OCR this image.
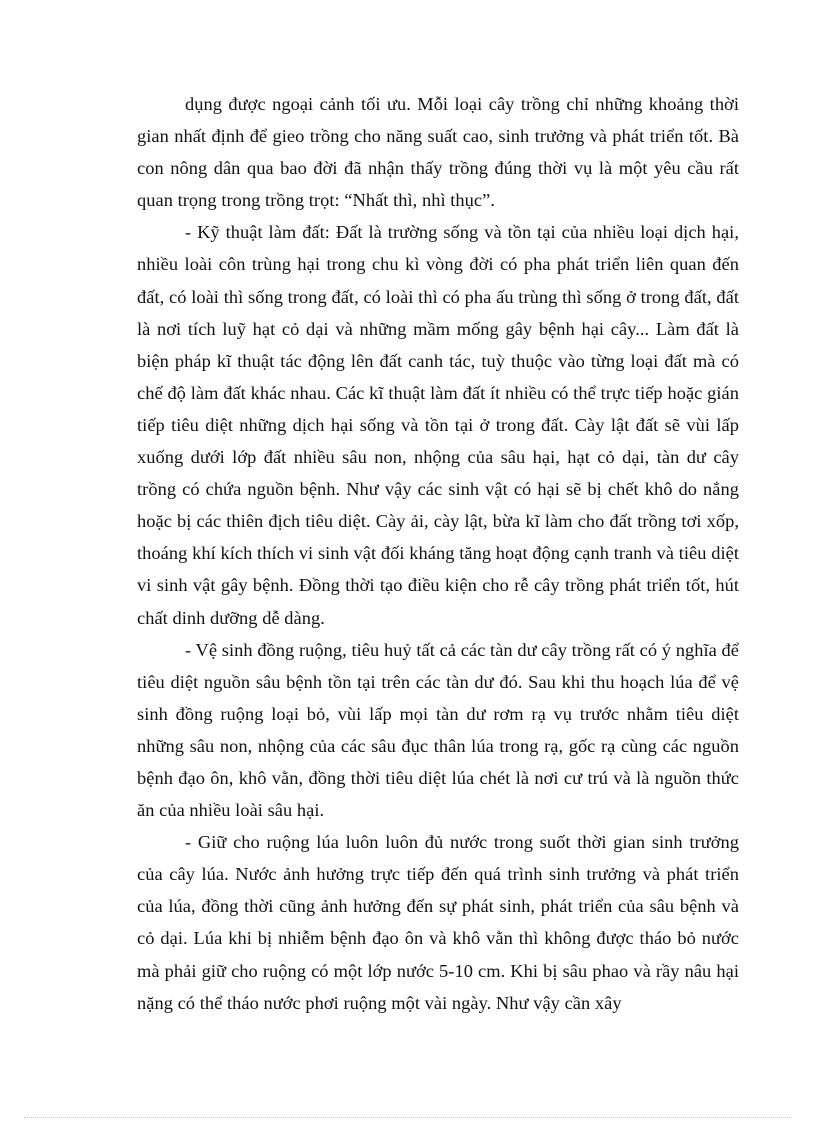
dụng được ngoại cảnh tối ưu. Mỗi loại cây trồng chỉ những khoảng thời gian nhất định để gieo trồng cho năng suất cao, sinh trưởng và phát triển tốt. Bà con nông dân qua bao đời đã nhận thấy trồng đúng thời vụ là một yêu cầu rất quan trọng trong trồng trọt: “Nhất thì, nhì thục”.

- Kỹ thuật làm đất: Đất là trường sống và tồn tại của nhiều loại dịch hại, nhiều loài côn trùng hại trong chu kì vòng đời có pha phát triển liên quan đến đất, có loài thì sống trong đất, có loài thì có pha ấu trùng thì sống ở trong đất, đất là nơi tích luỹ hạt cỏ dại và những mầm mống gây bệnh hại cây... Làm đất là biện pháp kĩ thuật tác động lên đất canh tác, tuỳ thuộc vào từng loại đất mà có chế độ làm đất khác nhau. Các kĩ thuật làm đất ít nhiều có thể trực tiếp hoặc gián tiếp tiêu diệt những dịch hại sống và tồn tại ở trong đất. Cày lật đất sẽ vùi lấp xuống dưới lớp đất nhiều sâu non, nhộng của sâu hại, hạt cỏ dại, tàn dư cây trồng có chứa nguồn bệnh. Như vậy các sinh vật có hại sẽ bị chết khô do nắng hoặc bị các thiên địch tiêu diệt. Cày ải, cày lật, bừa kĩ làm cho đất trồng tơi xốp, thoáng khí kích thích vi sinh vật đối kháng tăng hoạt động cạnh tranh và tiêu diệt vi sinh vật gây bệnh. Đồng thời tạo điều kiện cho rễ cây trồng phát triển tốt, hút chất dinh dưỡng dễ dàng.

- Vệ sinh đồng ruộng, tiêu huỷ tất cả các tàn dư cây trồng rất có ý nghĩa để tiêu diệt nguồn sâu bệnh tồn tại trên các tàn dư đó. Sau khi thu hoạch lúa để vệ sinh đồng ruộng loại bỏ, vùi lấp mọi tàn dư rơm rạ vụ trước nhằm tiêu diệt những sâu non, nhộng của các sâu đục thân lúa trong rạ, gốc rạ cùng các nguồn bệnh đạo ôn, khô vằn, đồng thời tiêu diệt lúa chét là nơi cư trú và là nguồn thức ăn của nhiều loài sâu hại.

- Giữ cho ruộng lúa luôn luôn đủ nước trong suốt thời gian sinh trưởng của cây lúa. Nước ảnh hưởng trực tiếp đến quá trình sinh trưởng và phát triển của lúa, đồng thời cũng ảnh hưởng đến sự phát sinh, phát triển của sâu bệnh và cỏ dại. Lúa khi bị nhiễm bệnh đạo ôn và khô vằn thì không được tháo bỏ nước mà phải giữ cho ruộng có một lớp nước 5-10 cm. Khi bị sâu phao và rầy nâu hại nặng có thể tháo nước phơi ruộng một vài ngày. Như vậy cần xây
